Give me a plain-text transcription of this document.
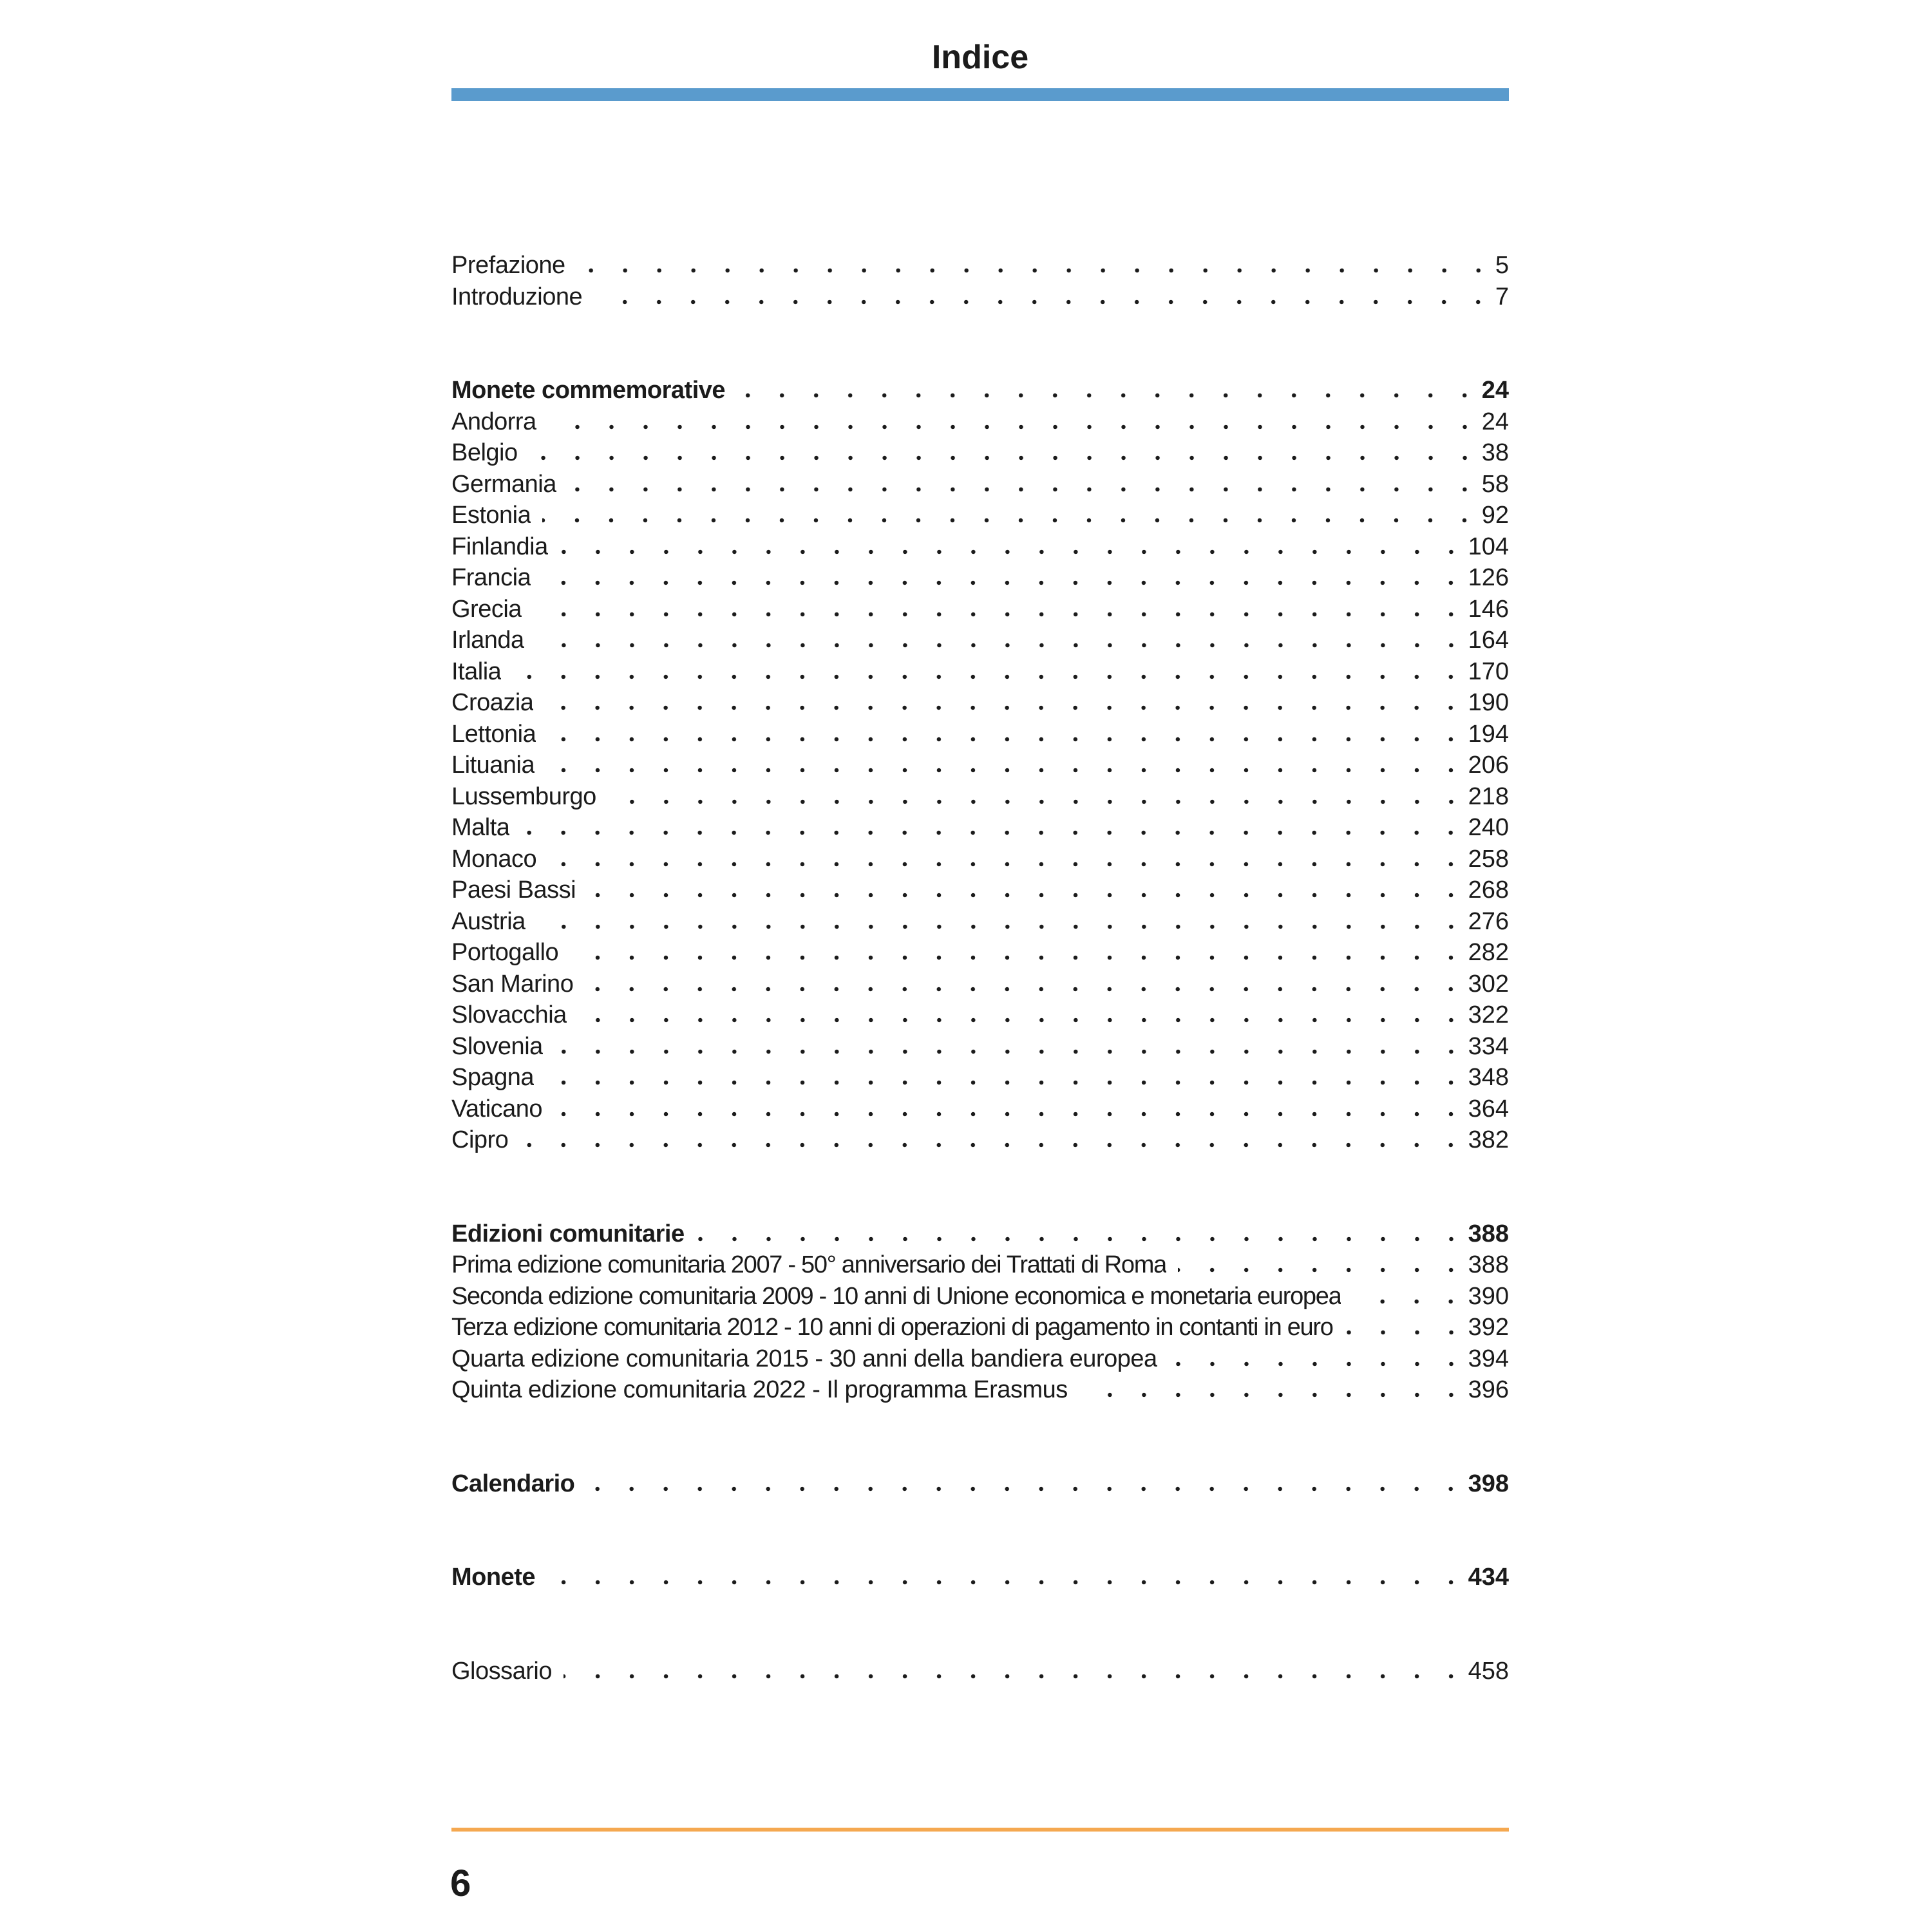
Indice
Prefazione	5
Introduzione	7
Monete commemorative	24
Andorra	24
Belgio	38
Germania	58
Estonia	92
Finlandia	104
Francia	126
Grecia	146
Irlanda	164
Italia	170
Croazia	190
Lettonia	194
Lituania	206
Lussemburgo	218
Malta	240
Monaco	258
Paesi Bassi	268
Austria	276
Portogallo	282
San Marino	302
Slovacchia	322
Slovenia	334
Spagna	348
Vaticano	364
Cipro	382
Edizioni comunitarie	388
Prima edizione comunitaria 2007 - 50° anniversario dei Trattati di Roma	388
Seconda edizione comunitaria 2009 - 10 anni di Unione economica e monetaria europea	390
Terza edizione comunitaria 2012 - 10 anni di operazioni di pagamento in contanti in euro	392
Quarta edizione comunitaria 2015 - 30 anni della bandiera europea	394
Quinta edizione comunitaria 2022 - Il programma Erasmus	396
Calendario	398
Monete	434
Glossario	458
6
